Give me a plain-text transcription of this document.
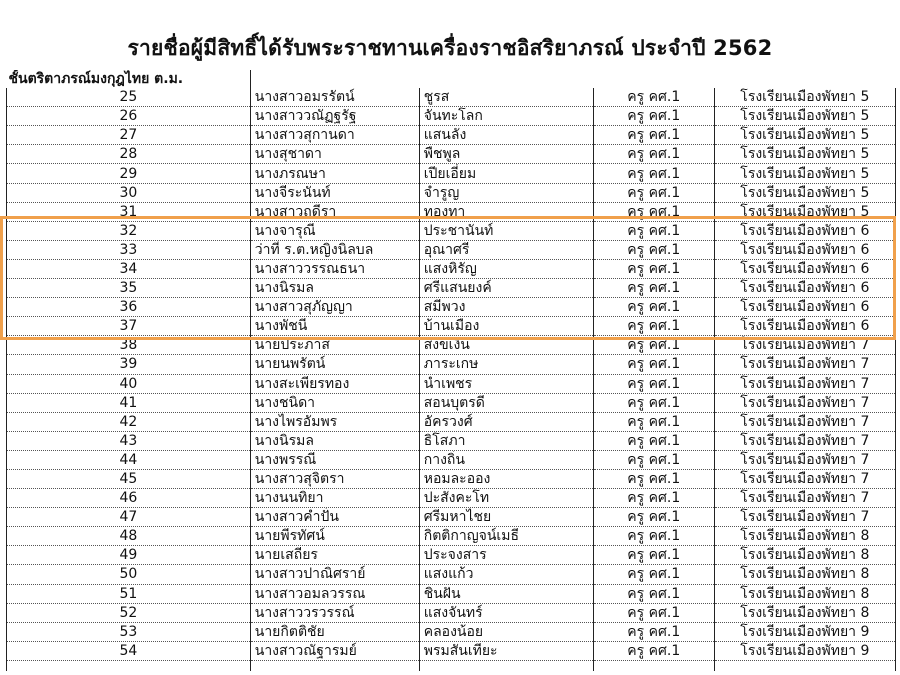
รายชื่อผู้มีสิทธิ์ได้รับพระราชทานเครื่องราชอิสริยาภรณ์ ประจำปี 2562
ชั้นตริตาภรณ์มงกุฎไทย ต.ม.				
25	นางสาวอมรรัตน์	ชูรส	ครู คศ.1	โรงเรียนเมืองพัทยา 5
26	นางสาววณัฏฐรัฐ	จันทะโลก	ครู คศ.1	โรงเรียนเมืองพัทยา 5
27	นางสาวสุกานดา	แสนลัง	ครู คศ.1	โรงเรียนเมืองพัทยา 5
28	นางสุชาดา	พืชพูล	ครู คศ.1	โรงเรียนเมืองพัทยา 5
29	นางภรณษา	เปียเอี่ยม	ครู คศ.1	โรงเรียนเมืองพัทยา 5
30	นางจีระนันท์	จำรูญ	ครู คศ.1	โรงเรียนเมืองพัทยา 5
31	นางสาวฤดีรา	ทองทา	ครู คศ.1	โรงเรียนเมืองพัทยา 5
32	นางจารุณี	ประชานันท์	ครู คศ.1	โรงเรียนเมืองพัทยา 6
33	ว่าที่ ร.ต.หญิงนิลบล	อุณาศรี	ครู คศ.1	โรงเรียนเมืองพัทยา 6
34	นางสาววรรณธนา	แสงหิรัญ	ครู คศ.1	โรงเรียนเมืองพัทยา 6
35	นางนิรมล	ศรีแสนยงค์	ครู คศ.1	โรงเรียนเมืองพัทยา 6
36	นางสาวสุภัญญา	สมีพวง	ครู คศ.1	โรงเรียนเมืองพัทยา 6
37	นางพัชนี	บ้านเมือง	ครู คศ.1	โรงเรียนเมืองพัทยา 6
38	นายประภาส	สงขเงิน	ครู คศ.1	โรงเรียนเมืองพัทยา 7
39	นายนพรัตน์	ภาระเกษ	ครู คศ.1	โรงเรียนเมืองพัทยา 7
40	นางสะเพียรทอง	นำเพชร	ครู คศ.1	โรงเรียนเมืองพัทยา 7
41	นางชนิดา	สอนบุตรดี	ครู คศ.1	โรงเรียนเมืองพัทยา 7
42	นางไพรอัมพร	อัครวงศ์	ครู คศ.1	โรงเรียนเมืองพัทยา 7
43	นางนิรมล	ธิโสภา	ครู คศ.1	โรงเรียนเมืองพัทยา 7
44	นางพรรณี	กางถิ่น	ครู คศ.1	โรงเรียนเมืองพัทยา 7
45	นางสาวสุจิตรา	หอมละออง	ครู คศ.1	โรงเรียนเมืองพัทยา 7
46	นางนนทิยา	ปะสังคะโท	ครู คศ.1	โรงเรียนเมืองพัทยา 7
47	นางสาวคำปั่น	ศรีมหาไชย	ครู คศ.1	โรงเรียนเมืองพัทยา 7
48	นายพีรทัศน์	กิตติกาญจน์เมธี	ครู คศ.1	โรงเรียนเมืองพัทยา 8
49	นายเสถียร	ประจงสาร	ครู คศ.1	โรงเรียนเมืองพัทยา 8
50	นางสาวปาณิศราย์	แสงแก้ว	ครู คศ.1	โรงเรียนเมืองพัทยา 8
51	นางสาวอมลวรรณ	ชินฝัน	ครู คศ.1	โรงเรียนเมืองพัทยา 8
52	นางสาววรวรรณ์	แสงจันทร์	ครู คศ.1	โรงเรียนเมืองพัทยา 8
53	นายกิตติชัย	คลองน้อย	ครู คศ.1	โรงเรียนเมืองพัทยา 9
54	นางสาวณัฐารมย์	พรมสันเทียะ	ครู คศ.1	โรงเรียนเมืองพัทยา 9
